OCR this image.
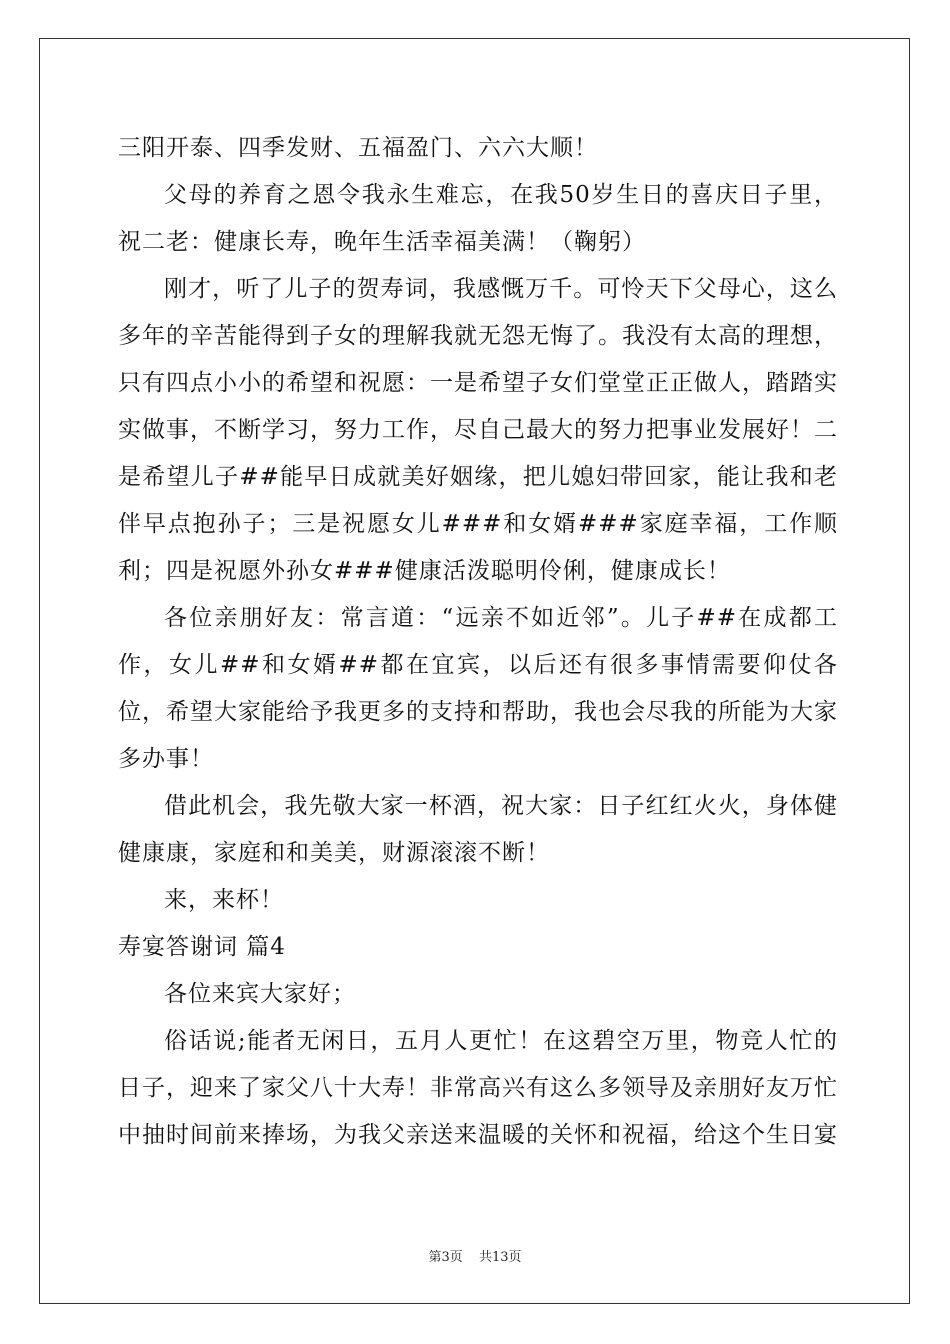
三阳开泰、四季发财、五福盈门、六六大顺！

父母的养育之恩令我永生难忘，在我50岁生日的喜庆日子里，祝二老：健康长寿，晚年生活幸福美满！（鞠躬）

刚才，听了儿子的贺寿词，我感慨万千。可怜天下父母心，这么多年的辛苦能得到子女的理解我就无怨无悔了。我没有太高的理想，只有四点小小的希望和祝愿：一是希望子女们堂堂正正做人，踏踏实实做事，不断学习，努力工作，尽自己最大的努力把事业发展好！二是希望儿子##能早日成就美好姻缘，把儿媳妇带回家，能让我和老伴早点抱孙子；三是祝愿女儿###和女婿###家庭幸福，工作顺利；四是祝愿外孙女###健康活泼聪明伶俐，健康成长！

各位亲朋好友：常言道：“远亲不如近邻”。儿子##在成都工作，女儿##和女婿##都在宜宾，以后还有很多事情需要仰仗各位，希望大家能给予我更多的支持和帮助，我也会尽我的所能为大家多办事！

借此机会，我先敬大家一杯酒，祝大家：日子红红火火，身体健健康康，家庭和和美美，财源滚滚不断！

来，来杯！

寿宴答谢词 篇4

各位来宾大家好；

俗话说;能者无闲日，五月人更忙！在这碧空万里，物竞人忙的日子，迎来了家父八十大寿！非常高兴有这么多领导及亲朋好友万忙中抽时间前来捧场，为我父亲送来温暖的关怀和祝福，给这个生日宴

第3页 共13页
